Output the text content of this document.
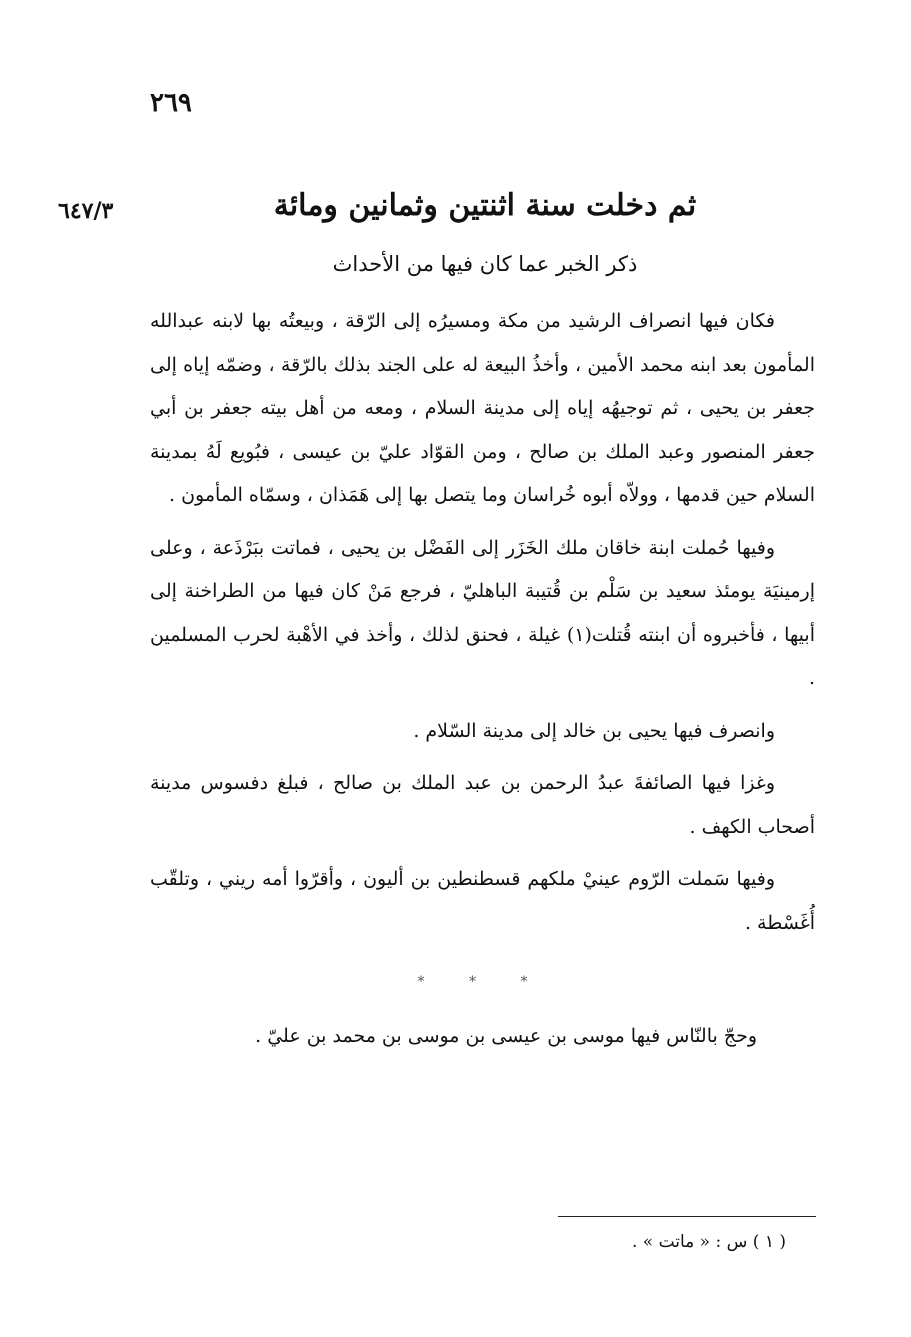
٢٦٩
٦٤٧/٣	ثم دخلت سنة اثنتين وثمانين ومائة
ذكر الخبر عما كان فيها من الأحداث

فكان فيها انصراف الرشيد من مكة ومسيرُه إلى الرّقة ، وبيعتُه بها لابنه عبدالله المأمون بعد ابنه محمد الأمين ، وأخذُ البيعة له على الجند بذلك بالرّقة ، وضمّه إياه إلى جعفر بن يحيى ، ثم توجيهُه إياه إلى مدينة السلام ، ومعه من أهل بيته جعفر بن أبي جعفر المنصور وعبد الملك بن صالح ، ومن القوّاد عليّ بن عيسى ، فبُويع لَهُ بمدينة السلام حين قدمها ، وولاّه أبوه خُراسان وما يتصل بها إلى هَمَذان ، وسمّاه المأمون .

وفيها حُملت ابنة خاقان ملك الخَزَر إلى الفَضْل بن يحيى ، فماتت ببَرْذَعة ، وعلى إرمينيَة يومئذ سعيد بن سَلْم بن قُتيبة الباهليّ ، فرجع مَنْ كان فيها من الطراخنة إلى أبيها ، فأخبروه أن ابنته قُتلت(١) غيلة ، فحنق لذلك ، وأخذ في الأهْبة لحرب المسلمين .

وانصرف فيها يحيى بن خالد إلى مدينة السّلام .

وغزا فيها الصائفةَ عبدُ الرحمن بن عبد الملك بن صالح ، فبلغ دفسوس مدينة أصحاب الكهف .

وفيها سَملت الرّوم عينيْ ملكهم قسطنطين بن أليون ، وأقرّوا أمه ريني ، وتلقّب أُغَسْطة .

* * *

وحجّ بالنّاس فيها موسى بن عيسى بن موسى بن محمد بن عليّ .

( ١ ) س : « ماتت » .
